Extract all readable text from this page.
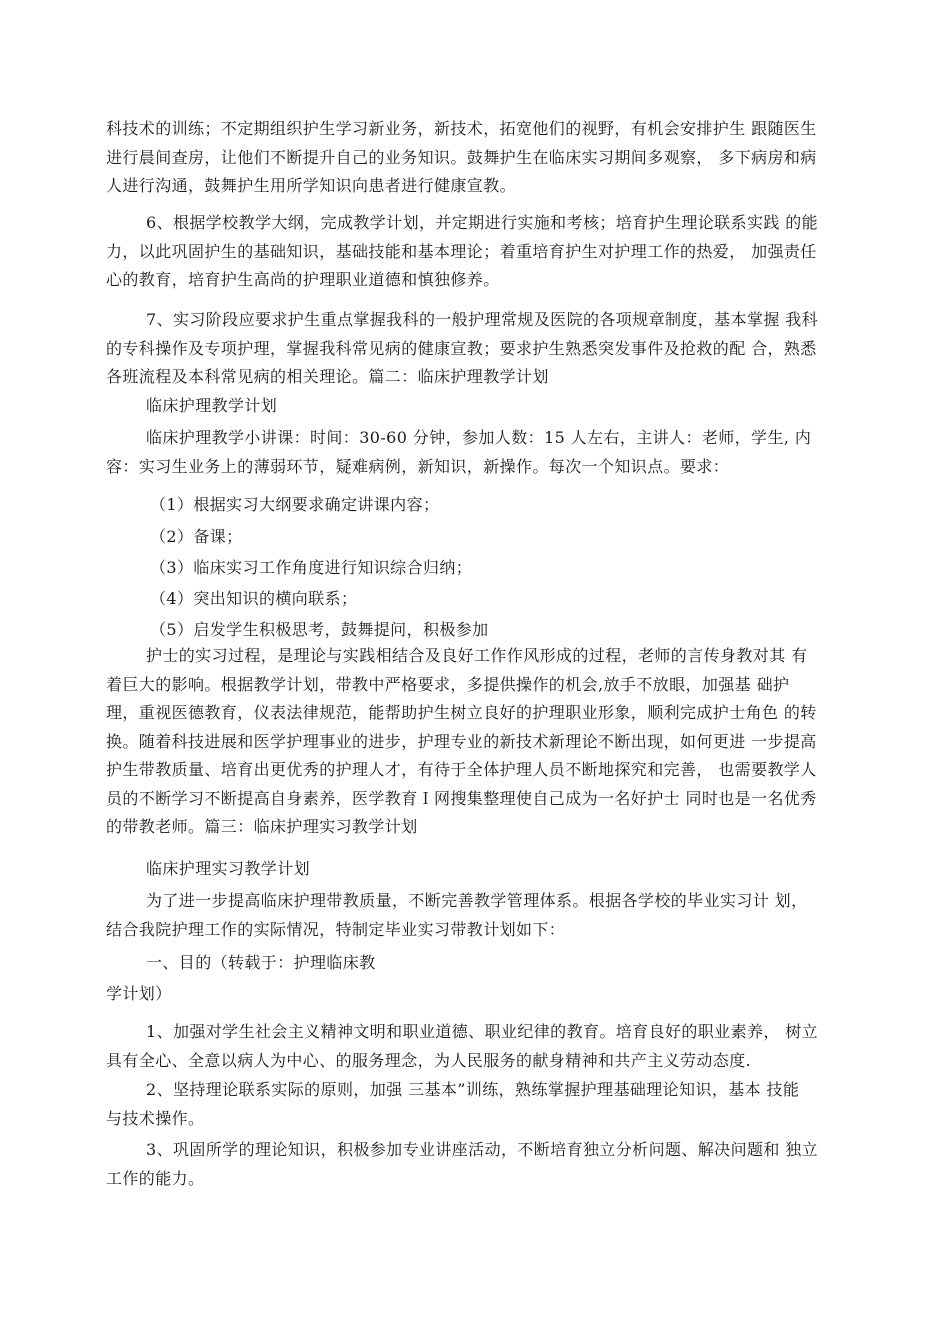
科技术的训练；不定期组织护生学习新业务，新技术，拓宽他们的视野，有机会安排护生 跟随医生
进行晨间查房，让他们不断提升自己的业务知识。鼓舞护生在临床实习期间多观察， 多下病房和病
人进行沟通，鼓舞护生用所学知识向患者进行健康宣教。
6、根据学校教学大纲，完成教学计划，并定期进行实施和考核；培育护生理论联系实践 的能
力，以此巩固护生的基础知识，基础技能和基本理论；着重培育护生对护理工作的热爱， 加强责任
心的教育，培育护生高尚的护理职业道德和慎独修养。
7、实习阶段应要求护生重点掌握我科的一般护理常规及医院的各项规章制度，基本掌握 我科
的专科操作及专项护理，掌握我科常见病的健康宣教；要求护生熟悉突发事件及抢救的配 合，熟悉
各班流程及本科常见病的相关理论。篇二：临床护理教学计划
临床护理教学计划
临床护理教学小讲课：时间：30-60 分钟，参加人数：15 人左右，主讲人：老师，学生, 内
容：实习生业务上的薄弱环节，疑难病例，新知识，新操作。每次一个知识点。要求：

（1）根据实习大纲要求确定讲课内容；

（2）备课；

（3）临床实习工作角度进行知识综合归纳；

（4）突出知识的横向联系；

（5）启发学生积极思考，鼓舞提问，积极参加

护士的实习过程，是理论与实践相结合及良好工作作风形成的过程，老师的言传身教对其 有
着巨大的影响。根据教学计划，带教中严格要求，多提供操作的机会,放手不放眼，加强基 础护
理，重视医德教育，仪表法律规范，能帮助护生树立良好的护理职业形象，顺利完成护士角色 的转
换。随着科技进展和医学护理事业的进步，护理专业的新技术新理论不断出现，如何更进 一步提高
护生带教质量、培育出更优秀的护理人才，有待于全体护理人员不断地探究和完善， 也需要教学人
员的不断学习不断提高自身素养，医学教育Ｉ网搜集整理使自己成为一名好护士 同时也是一名优秀
的带教老师。篇三：临床护理实习教学计划
临床护理实习教学计划
为了进一步提高临床护理带教质量，不断完善教学管理体系。根据各学校的毕业实习计 划，
结合我院护理工作的实际情况，特制定毕业实习带教计划如下：
一、目的（转载于：护理临床教
学计划）
1、加强对学生社会主义精神文明和职业道德、职业纪律的教育。培育良好的职业素养， 树立
具有全心、全意以病人为中心、的服务理念，为人民服务的献身精神和共产主义劳动态度.
2、坚持理论联系实际的原则，加强 三基本”训练，熟练掌握护理基础理论知识，基本 技能
与技术操作。
3、巩固所学的理论知识，积极参加专业讲座活动，不断培育独立分析问题、解决问题和 独立
工作的能力。
